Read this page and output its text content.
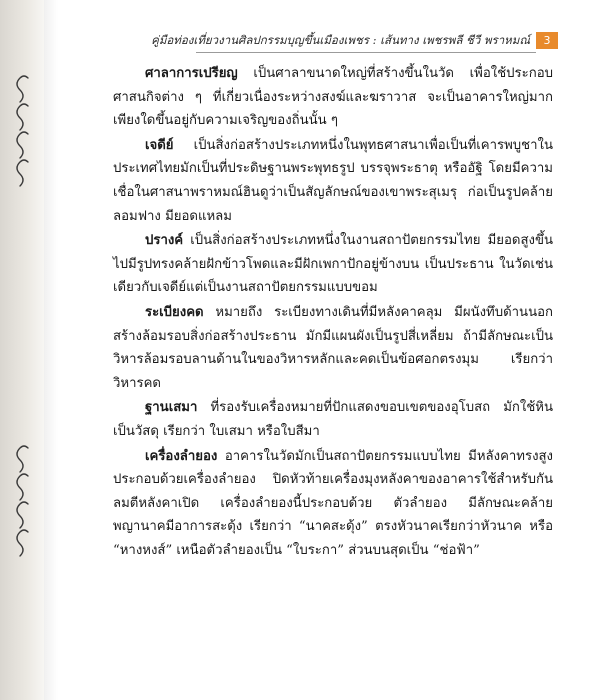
คู่มือท่องเที่ยวงานศิลปกรรมบุญขึ้นเมืองเพชร : เส้นทาง เพชรพลี ชีวี พราหมณ์	3

ศาลาการเปรียญ เป็นศาลาขนาดใหญ่ที่สร้างขึ้นในวัด เพื่อใช้ประกอบศาสนกิจต่าง ๆ ที่เกี่ยวเนื่องระหว่างสงฆ์และฆราวาส จะเป็นอาคารใหญ่มากเพียงใดขึ้นอยู่กับความเจริญของถิ่นนั้น ๆ

เจดีย์ เป็นสิ่งก่อสร้างประเภทหนึ่งในพุทธศาสนาเพื่อเป็นที่เคารพบูชาในประเทศไทยมักเป็นที่ประดิษฐานพระพุทธรูป บรรจุพระธาตุ หรืออัฐิ โดยมีความเชื่อในศาสนาพราหมณ์ฮินดูว่าเป็นสัญลักษณ์ของเขาพระสุเมรุ ก่อเป็นรูปคล้ายลอมฟาง มียอดแหลม

ปรางค์ เป็นสิ่งก่อสร้างประเภทหนึ่งในงานสถาปัตยกรรมไทย มียอดสูงขึ้นไปมีรูปทรงคล้ายฝักข้าวโพดและมีฝักเพกาปักอยู่ข้างบน เป็นประธาน ในวัดเช่นเดียวกับเจดีย์แต่เป็นงานสถาปัตยกรรมแบบขอม

ระเบียงคด หมายถึง ระเบียงทางเดินที่มีหลังคาคลุม มีผนังทึบด้านนอกสร้างล้อมรอบสิ่งก่อสร้างประธาน มักมีแผนผังเป็นรูปสี่เหลี่ยม ถ้ามีลักษณะเป็นวิหารล้อมรอบลานด้านในของวิหารหลักและคดเป็นข้อศอกตรงมุม เรียกว่า วิหารคด

ฐานเสมา ที่รองรับเครื่องหมายที่ปักแสดงขอบเขตของอุโบสถ มักใช้หินเป็นวัสดุ เรียกว่า ใบเสมา หรือใบสีมา

เครื่องลำยอง อาคารในวัดมักเป็นสถาปัตยกรรมแบบไทย มีหลังคาทรงสูงประกอบด้วยเครื่องลำยอง ปิดหัวท้ายเครื่องมุงหลังคาของอาคารใช้สำหรับกันลมตีหลังคาเปิด เครื่องลำยองนี้ประกอบด้วย ตัวลำยอง มีลักษณะคล้ายพญานาคมีอาการสะดุ้ง เรียกว่า “นาคสะดุ้ง” ตรงหัวนาคเรียกว่าหัวนาค หรือ “หางหงส์” เหนือตัวลำยองเป็น “ใบระกา” ส่วนบนสุดเป็น “ช่อฟ้า”
